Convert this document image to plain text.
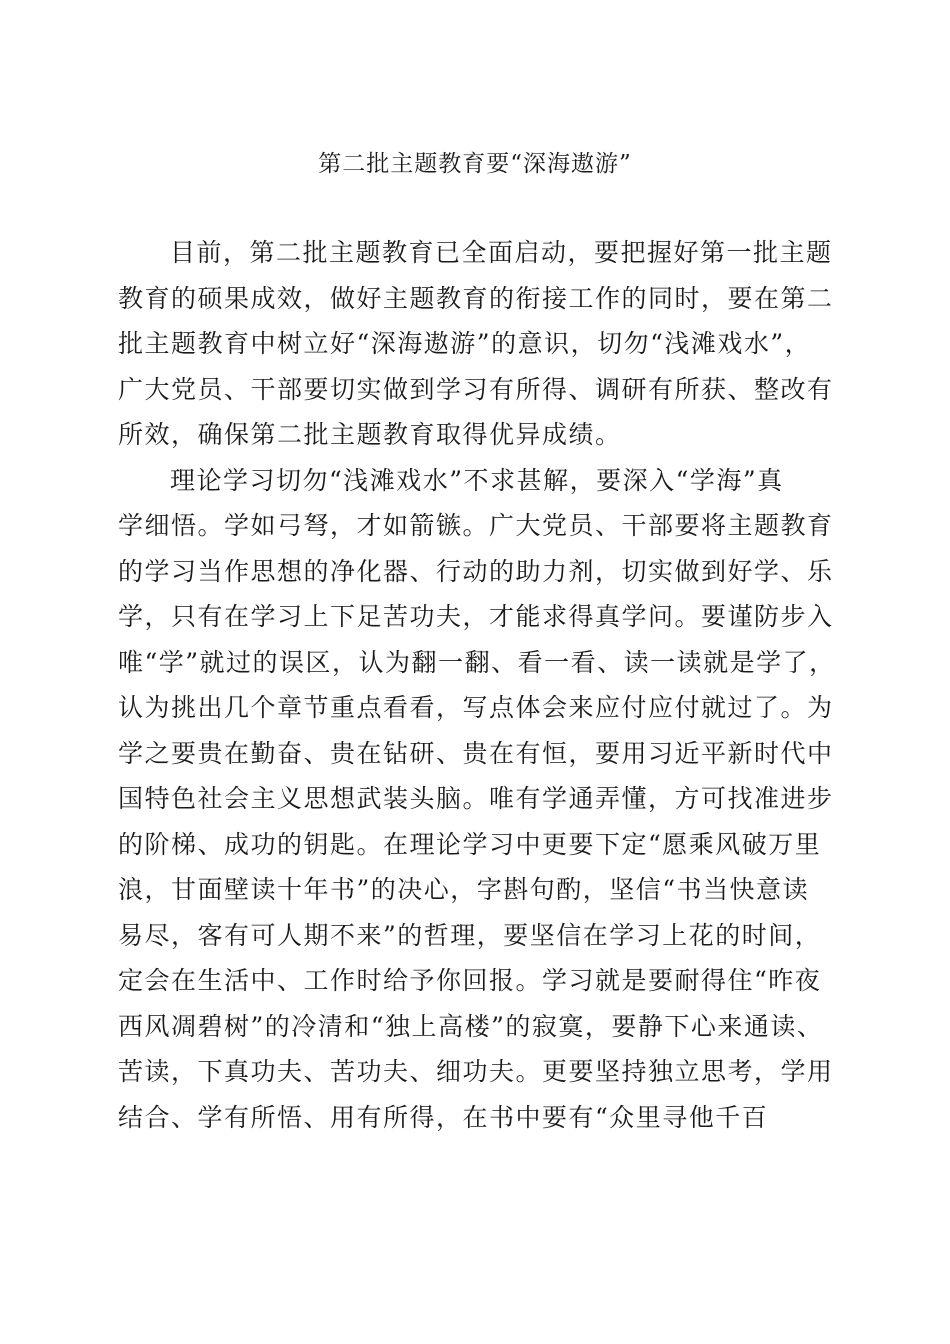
第二批主题教育要“深海遨游”
目前，第二批主题教育已全面启动，要把握好第一批主题
教育的硕果成效，做好主题教育的衔接工作的同时，要在第二
批主题教育中树立好“深海遨游”的意识，切勿“浅滩戏水”，
广大党员、干部要切实做到学习有所得、调研有所获、整改有
所效，确保第二批主题教育取得优异成绩。
理论学习切勿“浅滩戏水”不求甚解，要深入“学海”真
学细悟。学如弓弩，才如箭镞。广大党员、干部要将主题教育
的学习当作思想的净化器、行动的助力剂，切实做到好学、乐
学，只有在学习上下足苦功夫，才能求得真学问。要谨防步入
唯“学”就过的误区，认为翻一翻、看一看、读一读就是学了，
认为挑出几个章节重点看看，写点体会来应付应付就过了。为
学之要贵在勤奋、贵在钻研、贵在有恒，要用习近平新时代中
国特色社会主义思想武装头脑。唯有学通弄懂，方可找准进步
的阶梯、成功的钥匙。在理论学习中更要下定“愿乘风破万里
浪，甘面壁读十年书”的决心，字斟句酌，坚信“书当快意读
易尽，客有可人期不来”的哲理，要坚信在学习上花的时间，
定会在生活中、工作时给予你回报。学习就是要耐得住“昨夜
西风凋碧树”的冷清和“独上高楼”的寂寞，要静下心来通读、
苦读，下真功夫、苦功夫、细功夫。更要坚持独立思考，学用
结合、学有所悟、用有所得，在书中要有“众里寻他千百
